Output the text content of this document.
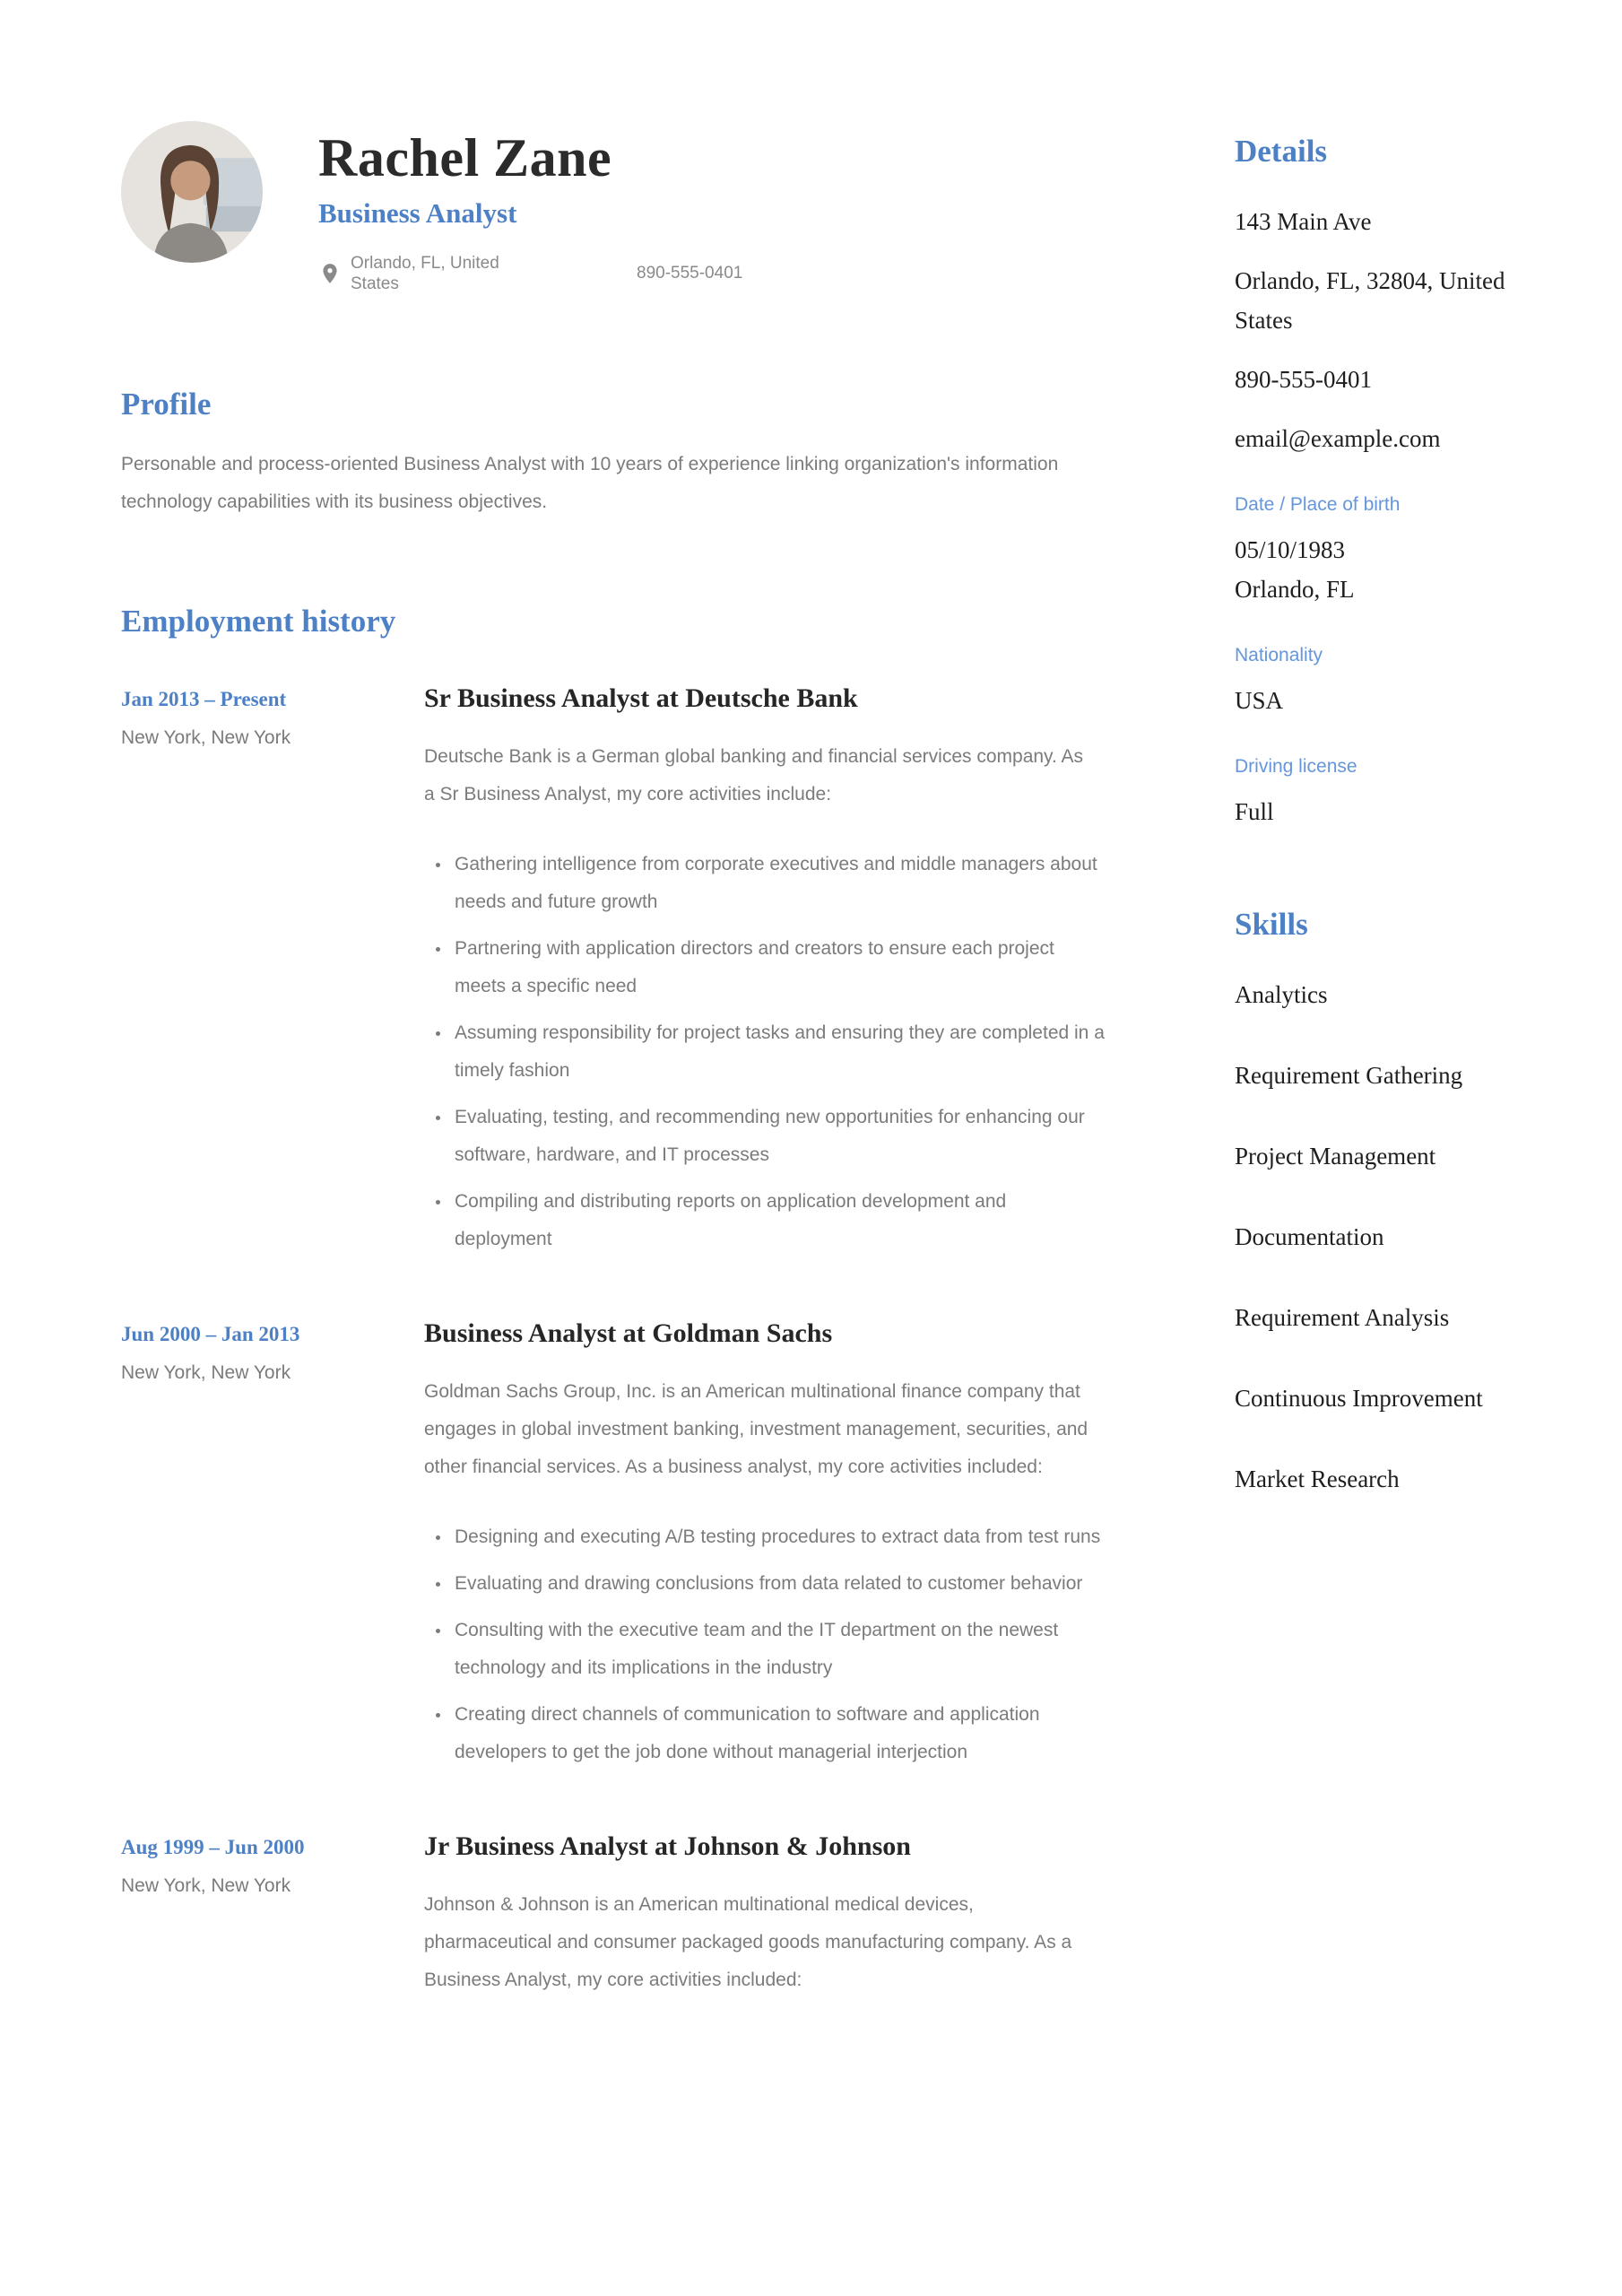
Rachel Zane
Business Analyst
Orlando, FL, United States
890-555-0401
Profile

Personable and process-oriented Business Analyst with 10 years of experience linking organization's information technology capabilities with its business objectives.

Employment history
Jan 2013 – Present
New York, New York
Sr Business Analyst at Deutsche Bank

Deutsche Bank is a German global banking and financial services company. As a Sr Business Analyst, my core activities include:

• Gathering intelligence from corporate executives and middle managers about needs and future growth
• Partnering with application directors and creators to ensure each project meets a specific need
• Assuming responsibility for project tasks and ensuring they are completed in a timely fashion
• Evaluating, testing, and recommending new opportunities for enhancing our software, hardware, and IT processes
• Compiling and distributing reports on application development and deployment
Jun 2000 – Jan 2013
New York, New York
Business Analyst at Goldman Sachs

Goldman Sachs Group, Inc. is an American multinational finance company that engages in global investment banking, investment management, securities, and other financial services. As a business analyst, my core activities included:

• Designing and executing A/B testing procedures to extract data from test runs
• Evaluating and drawing conclusions from data related to customer behavior
• Consulting with the executive team and the IT department on the newest technology and its implications in the industry
• Creating direct channels of communication to software and application developers to get the job done without managerial interjection
Aug 1999 – Jun 2000
New York, New York
Jr Business Analyst at Johnson & Johnson

Johnson & Johnson is an American multinational medical devices, pharmaceutical and consumer packaged goods manufacturing company. As a Business Analyst, my core activities included:

Details

143 Main Ave

Orlando, FL, 32804, United States

890-555-0401

email@example.com

Date / Place of birth

05/10/1983

Orlando, FL

Nationality

USA

Driving license

Full

Skills
Analytics
Requirement Gathering
Project Management
Documentation
Requirement Analysis
Continuous Improvement
Market Research
